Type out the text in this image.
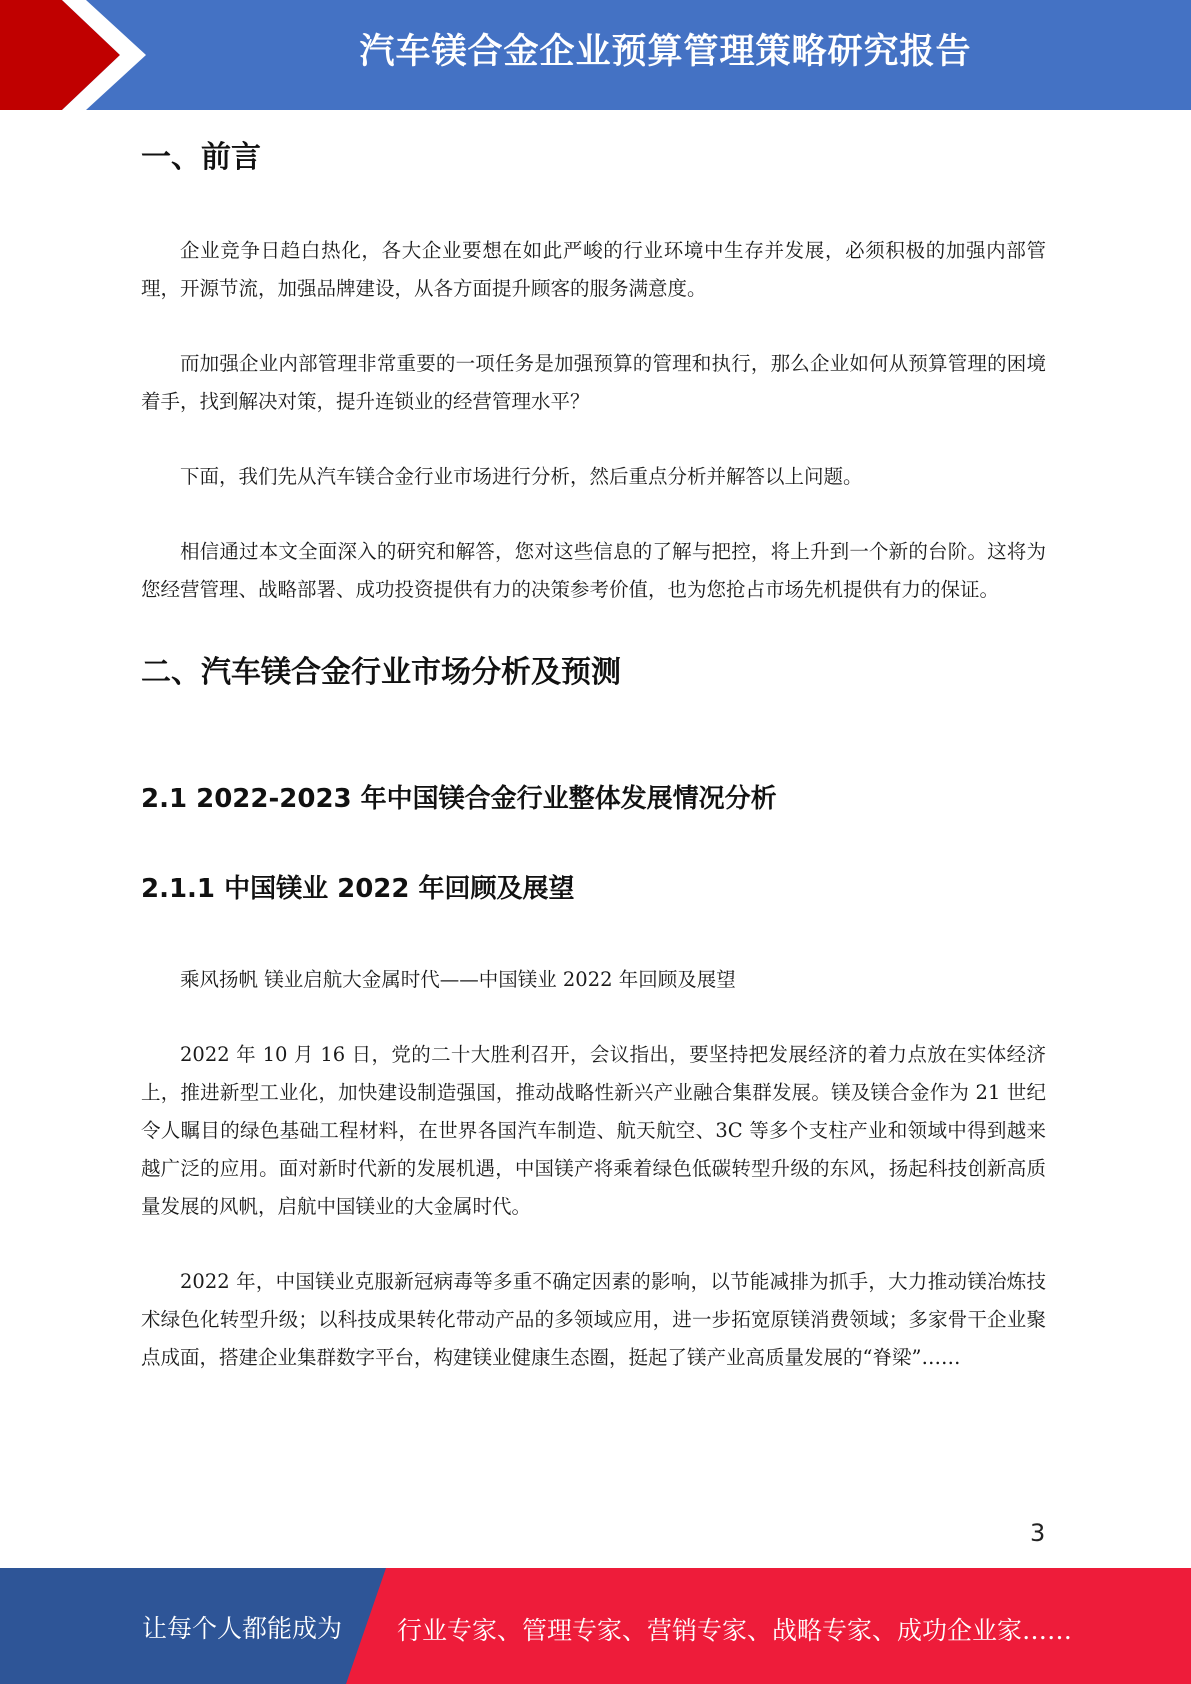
汽车镁合金企业预算管理策略研究报告
一、前言

企业竞争日趋白热化，各大企业要想在如此严峻的行业环境中生存并发展，必须积极的加强内部管理，开源节流，加强品牌建设，从各方面提升顾客的服务满意度。

而加强企业内部管理非常重要的一项任务是加强预算的管理和执行，那么企业如何从预算管理的困境着手，找到解决对策，提升连锁业的经营管理水平？

下面，我们先从汽车镁合金行业市场进行分析，然后重点分析并解答以上问题。

相信通过本文全面深入的研究和解答，您对这些信息的了解与把控，将上升到一个新的台阶。这将为您经营管理、战略部署、成功投资提供有力的决策参考价值，也为您抢占市场先机提供有力的保证。

二、汽车镁合金行业市场分析及预测
2.1 2022-2023 年中国镁合金行业整体发展情况分析
2.1.1 中国镁业 2022 年回顾及展望

乘风扬帆 镁业启航大金属时代——中国镁业 2022 年回顾及展望

2022 年 10 月 16 日，党的二十大胜利召开，会议指出，要坚持把发展经济的着力点放在实体经济上，推进新型工业化，加快建设制造强国，推动战略性新兴产业融合集群发展。镁及镁合金作为 21 世纪令人瞩目的绿色基础工程材料，在世界各国汽车制造、航天航空、3C 等多个支柱产业和领域中得到越来越广泛的应用。面对新时代新的发展机遇，中国镁产将乘着绿色低碳转型升级的东风，扬起科技创新高质量发展的风帆，启航中国镁业的大金属时代。

2022 年，中国镁业克服新冠病毒等多重不确定因素的影响，以节能减排为抓手，大力推动镁冶炼技术绿色化转型升级；以科技成果转化带动产品的多领域应用，进一步拓宽原镁消费领域；多家骨干企业聚点成面，搭建企业集群数字平台，构建镁业健康生态圈，挺起了镁产业高质量发展的“脊梁”……

3
让每个人都能成为 行业专家、管理专家、营销专家、战略专家、成功企业家……
